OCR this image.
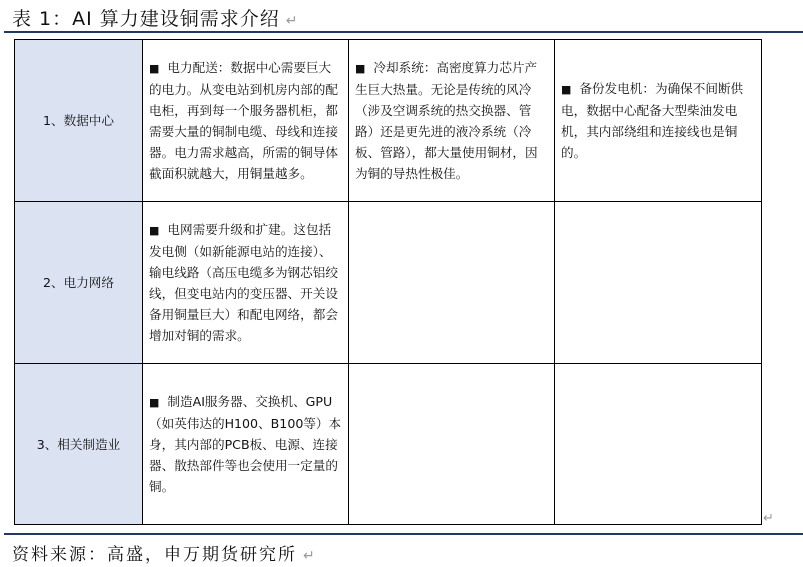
表 1：AI 算力建设铜需求介绍 ↵
1、数据中心	■ 电力配送：数据中心需要巨大的电力。从变电站到机房内部的配电柜，再到每一个服务器机柜，都需要大量的铜制电缆、母线和连接器。电力需求越高，所需的铜导体截面积就越大，用铜量越多。	■ 冷却系统：高密度算力芯片产生巨大热量。无论是传统的风冷（涉及空调系统的热交换器、管路）还是更先进的液冷系统（冷板、管路），都大量使用铜材，因为铜的导热性极佳。	■ 备份发电机：为确保不间断供电，数据中心配备大型柴油发电机，其内部绕组和连接线也是铜的。
2、电力网络	■ 电网需要升级和扩建。这包括发电侧（如新能源电站的连接）、输电线路（高压电缆多为钢芯铝绞线，但变电站内的变压器、开关设备用铜量巨大）和配电网络，都会增加对铜的需求。		
3、相关制造业	■ 制造AI服务器、交换机、GPU（如英伟达的H100、B100等）本身，其内部的PCB板、电源、连接器、散热部件等也会使用一定量的铜。		
↵
资料来源：高盛，申万期货研究所 ↵
